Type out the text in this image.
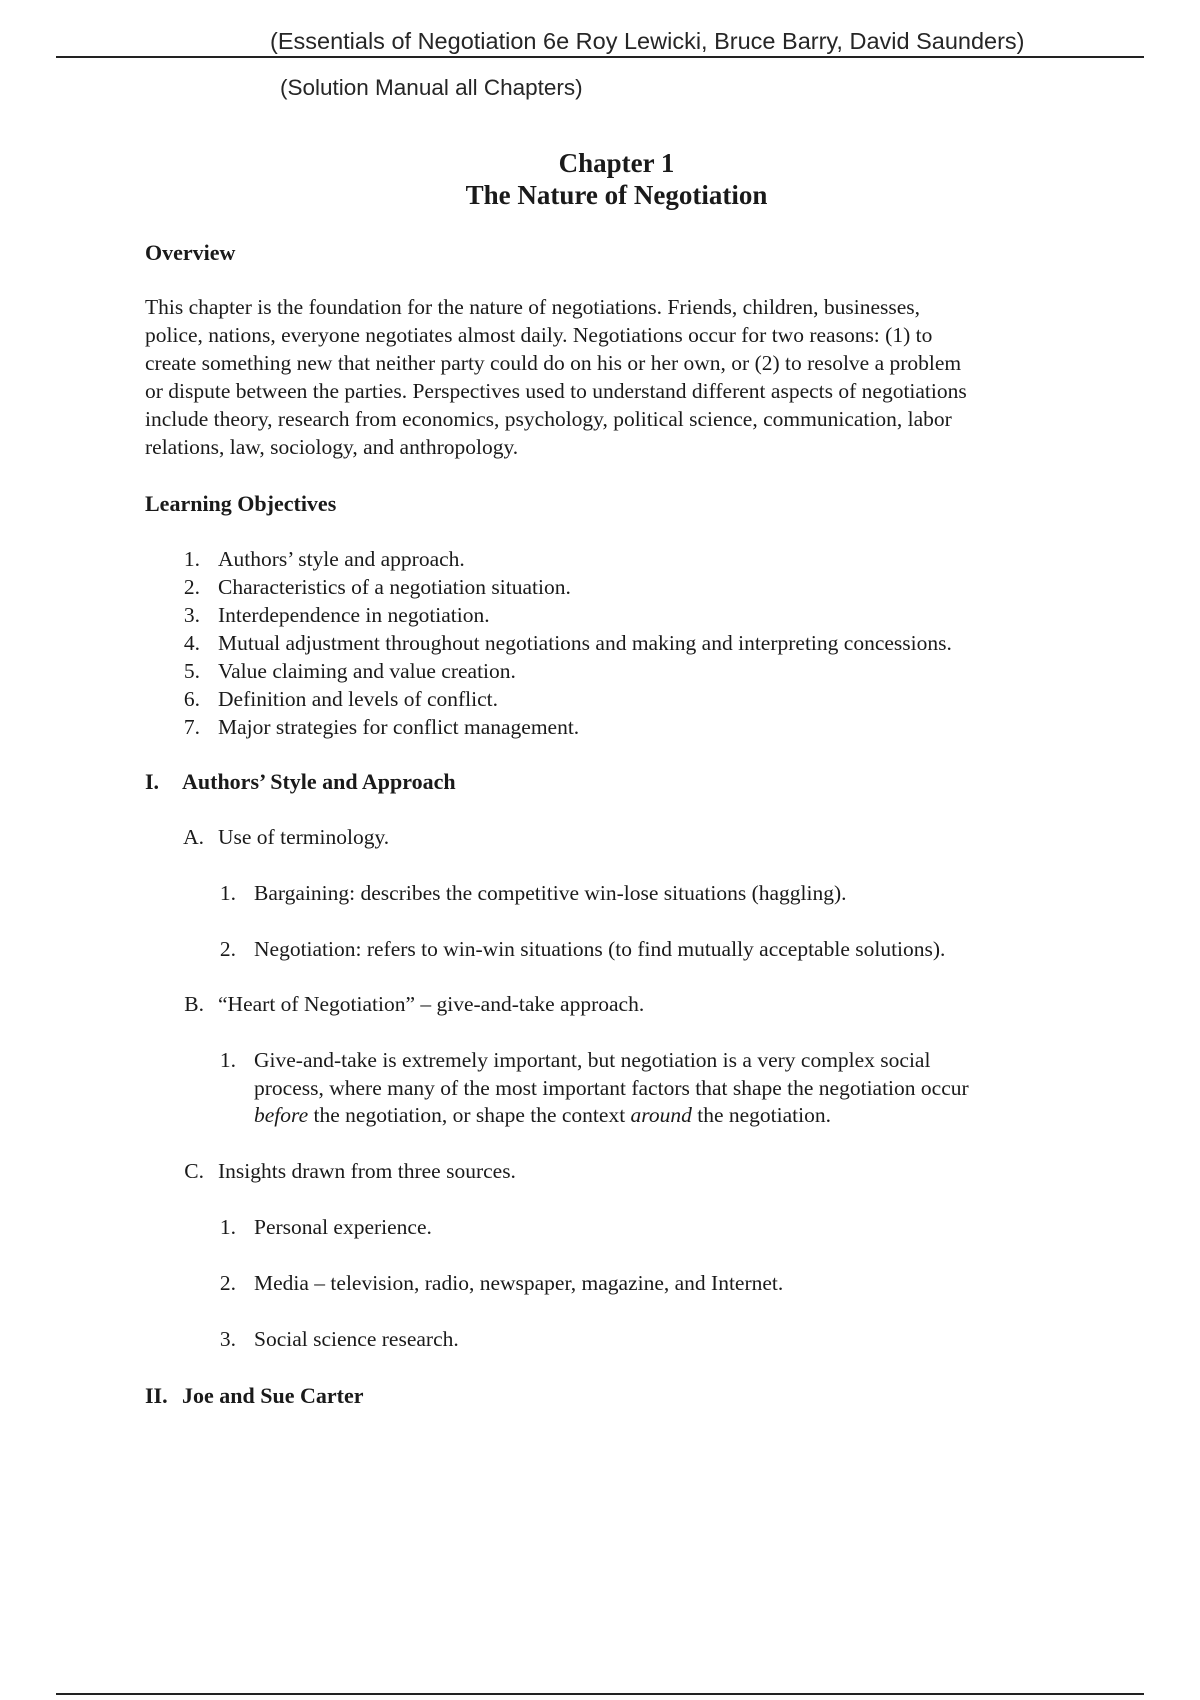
(Essentials of Negotiation 6e Roy Lewicki, Bruce Barry, David Saunders)
(Solution Manual all Chapters)
Chapter 1
The Nature of Negotiation
Overview
This chapter is the foundation for the nature of negotiations. Friends, children, businesses,
police, nations, everyone negotiates almost daily. Negotiations occur for two reasons: (1) to
create something new that neither party could do on his or her own, or (2) to resolve a problem
or dispute between the parties. Perspectives used to understand different aspects of negotiations
include theory, research from economics, psychology, political science, communication, labor
relations, law, sociology, and anthropology.
Learning Objectives
1. Authors’ style and approach.
2. Characteristics of a negotiation situation.
3. Interdependence in negotiation.
4. Mutual adjustment throughout negotiations and making and interpreting concessions.
5. Value claiming and value creation.
6. Definition and levels of conflict.
7. Major strategies for conflict management.
I. Authors’ Style and Approach
A. Use of terminology.
1. Bargaining: describes the competitive win-lose situations (haggling).
2. Negotiation: refers to win-win situations (to find mutually acceptable solutions).
B. “Heart of Negotiation” – give-and-take approach.
1. Give-and-take is extremely important, but negotiation is a very complex social
process, where many of the most important factors that shape the negotiation occur
before the negotiation, or shape the context around the negotiation.
C. Insights drawn from three sources.
1. Personal experience.
2. Media – television, radio, newspaper, magazine, and Internet.
3. Social science research.
II. Joe and Sue Carter
